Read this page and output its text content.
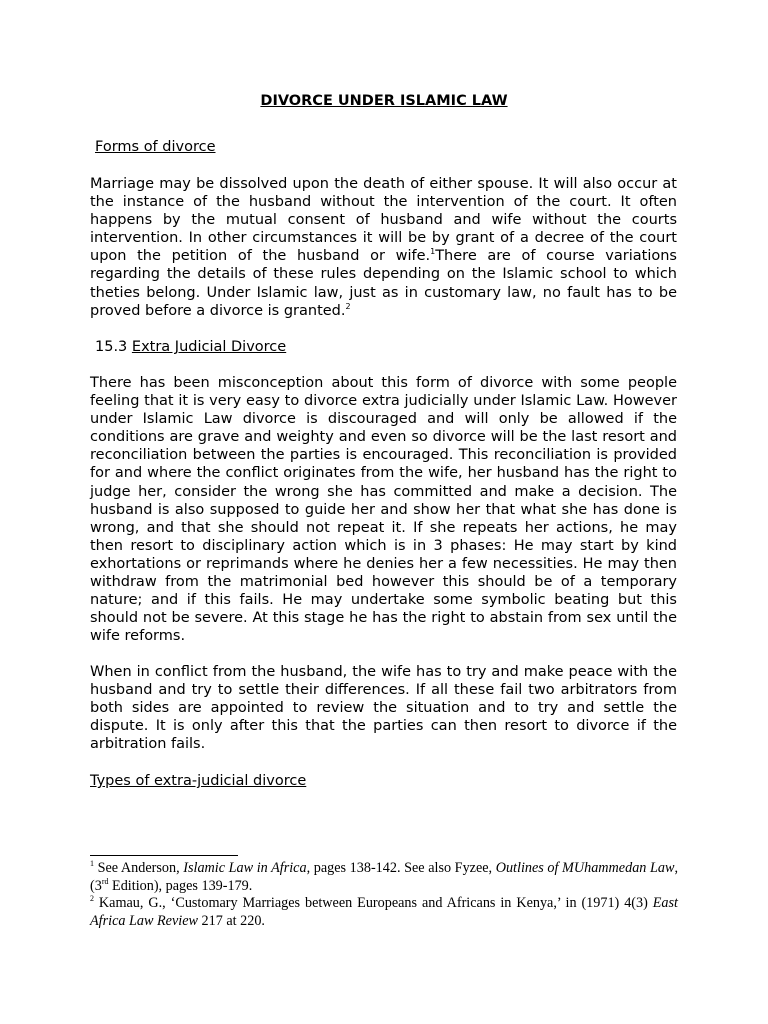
DIVORCE UNDER ISLAMIC LAW
Forms of divorce

Marriage may be dissolved upon the death of either spouse. It will also occur at the instance of the husband without the intervention of the court. It often happens by the mutual consent of husband and wife without the courts intervention. In other circumstances it will be by grant of a decree of the court upon the petition of the husband or wife.$^1$There are of course variations regarding the details of these rules depending on the Islamic school to which theties belong. Under Islamic law, just as in customary law, no fault has to be proved before a divorce is granted.$^2$

15.3 Extra Judicial Divorce

There has been misconception about this form of divorce with some people feeling that it is very easy to divorce extra judicially under Islamic Law. However under Islamic Law divorce is discouraged and will only be allowed if the conditions are grave and weighty and even so divorce will be the last resort and reconciliation between the parties is encouraged. This reconciliation is provided for and where the conflict originates from the wife, her husband has the right to judge her, consider the wrong she has committed and make a decision. The husband is also supposed to guide her and show her that what she has done is wrong, and that she should not repeat it. If she repeats her actions, he may then resort to disciplinary action which is in 3 phases: He may start by kind exhortations or reprimands where he denies her a few necessities. He may then withdraw from the matrimonial bed however this should be of a temporary nature; and if this fails. He may undertake some symbolic beating but this should not be severe. At this stage he has the right to abstain from sex until the wife reforms.

When in conflict from the husband, the wife has to try and make peace with the husband and try to settle their differences. If all these fail two arbitrators from both sides are appointed to review the situation and to try and settle the dispute. It is only after this that the parties can then resort to divorce if the arbitration fails.

Types of extra-judicial divorce

$^1$ See Anderson, Islamic Law in Africa, pages 138-142. See also Fyzee, Outlines of MUhammedan Law, (3rd Edition), pages 139-179.

$^2$ Kamau, G., ‘Customary Marriages between Europeans and Africans in Kenya,’ in (1971) 4(3) East Africa Law Review 217 at 220.
